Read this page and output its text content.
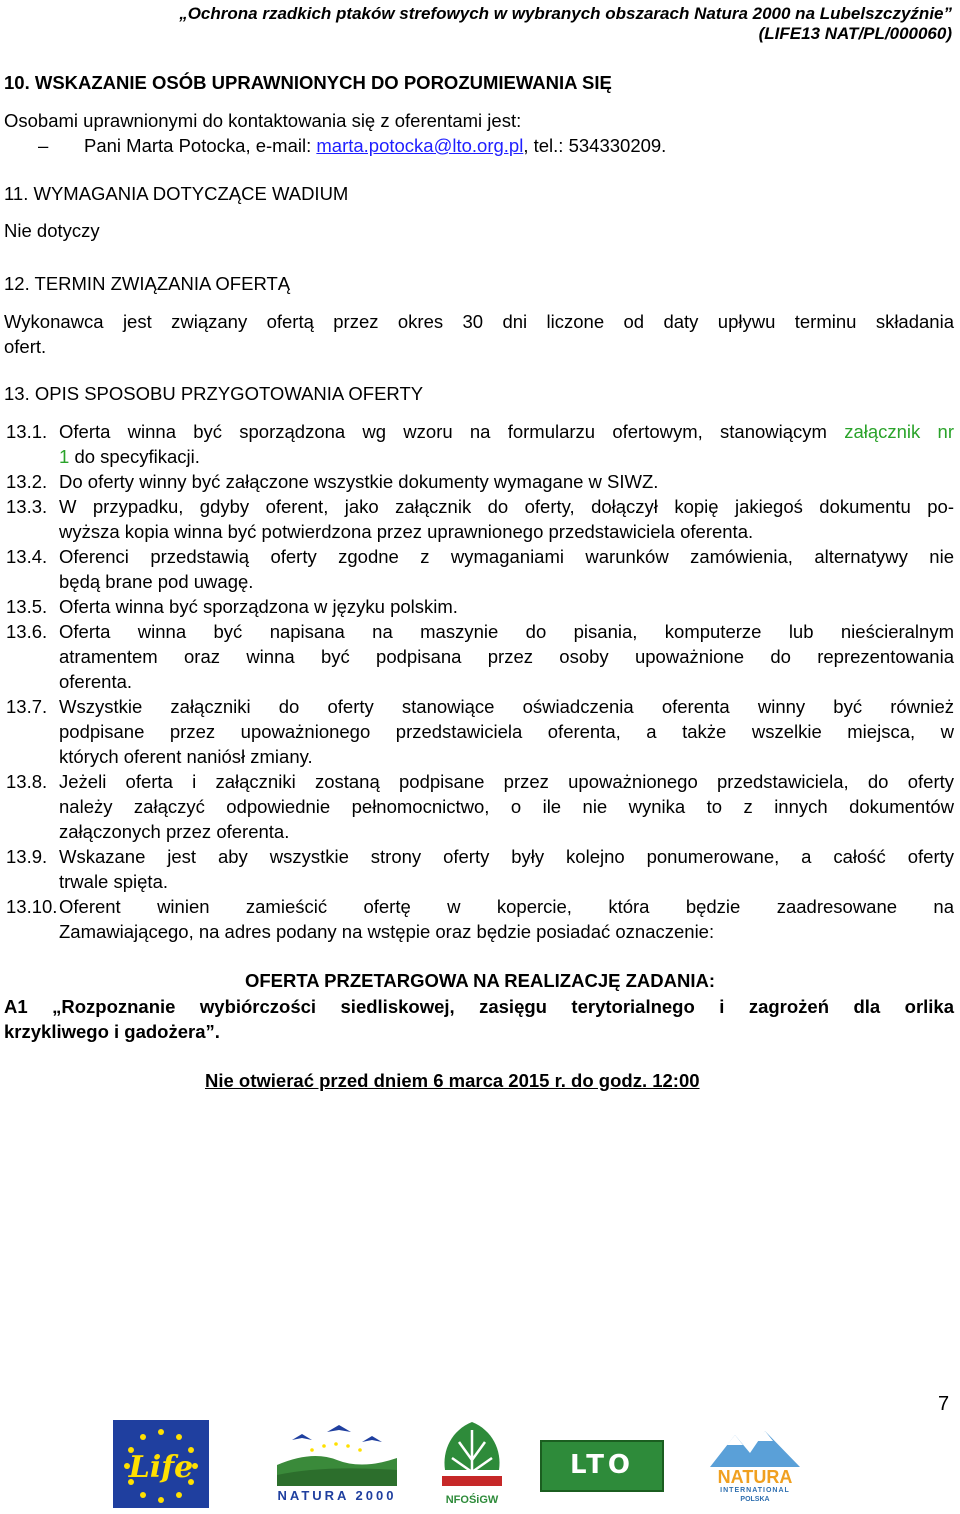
„Ochrona rzadkich ptaków strefowych w wybranych obszarach Natura 2000 na Lubelszczyźnie”
(LIFE13 NAT/PL/000060)
10. WSKAZANIE OSÓB UPRAWNIONYCH DO POROZUMIEWANIA SIĘ
Osobami uprawnionymi do kontaktowania się z oferentami jest:
– Pani Marta Potocka, e-mail: marta.potocka@lto.org.pl, tel.: 534330209.
11. WYMAGANIA DOTYCZĄCE WADIUM
Nie dotyczy
12. TERMIN ZWIĄZANIA OFERTĄ
Wykonawca jest związany ofertą przez okres 30 dni liczone od daty upływu terminu składania
ofert.
13. OPIS SPOSOBU PRZYGOTOWANIA OFERTY
13.1. Oferta winna być sporządzona wg wzoru na formularzu ofertowym, stanowiącym załącznik nr
1 do specyfikacji.
13.2. Do oferty winny być załączone wszystkie dokumenty wymagane w SIWZ.
13.3. W przypadku, gdyby oferent, jako załącznik do oferty, dołączył kopię jakiegoś dokumentu po-
wyższa kopia winna być potwierdzona przez uprawnionego przedstawiciela oferenta.
13.4. Oferenci przedstawią oferty zgodne z wymaganiami warunków zamówienia, alternatywy nie
będą brane pod uwagę.
13.5. Oferta winna być sporządzona w języku polskim.
13.6. Oferta winna być napisana na maszynie do pisania, komputerze lub nieścieralnym
atramentem oraz winna być podpisana przez osoby upoważnione do reprezentowania
oferenta.
13.7. Wszystkie załączniki do oferty stanowiące oświadczenia oferenta winny być również
podpisane przez upoważnionego przedstawiciela oferenta, a także wszelkie miejsca, w
których oferent naniósł zmiany.
13.8. Jeżeli oferta i załączniki zostaną podpisane przez upoważnionego przedstawiciela, do oferty
należy załączyć odpowiednie pełnomocnictwo, o ile nie wynika to z innych dokumentów
załączonych przez oferenta.
13.9. Wskazane jest aby wszystkie strony oferty były kolejno ponumerowane, a całość oferty
trwale spięta.
13.10. Oferent winien zamieścić ofertę w kopercie, która będzie zaadresowane na
Zamawiającego, na adres podany na wstępie oraz będzie posiadać oznaczenie:
OFERTA PRZETARGOWA NA REALIZACJĘ ZADANIA:
A1 „Rozpoznanie wybiórczości siedliskowej, zasięgu terytorialnego i zagrożeń dla orlika
krzykliwego i gadożera”.
Nie otwierać przed dniem 6 marca 2015 r. do godz. 12:00
7
Life
NATURA 2000	NFOŚiGW
LTO	NATURA
INTERNATIONAL
POLSKA
